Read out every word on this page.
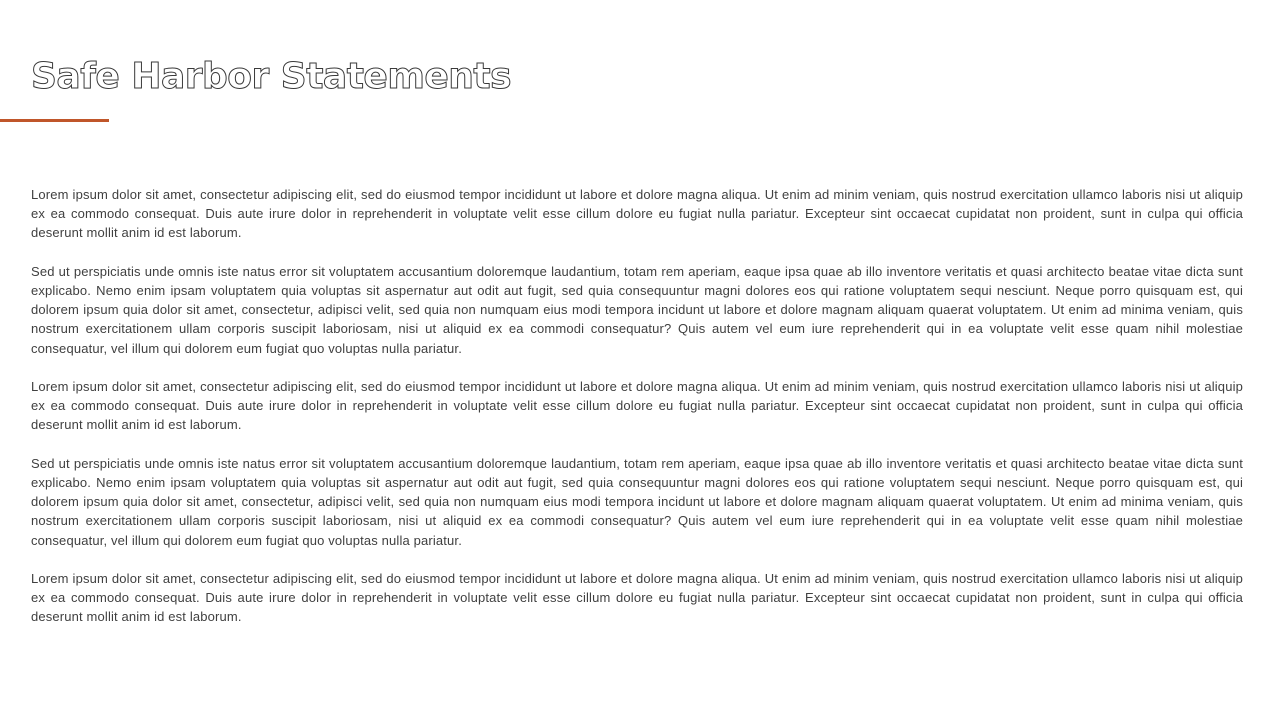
Safe Harbor Statements

Lorem ipsum dolor sit amet, consectetur adipiscing elit, sed do eiusmod tempor incididunt ut labore et dolore magna aliqua. Ut enim ad minim veniam, quis nostrud exercitation ullamco laboris nisi ut aliquip ex ea commodo consequat. Duis aute irure dolor in reprehenderit in voluptate velit esse cillum dolore eu fugiat nulla pariatur. Excepteur sint occaecat cupidatat non proident, sunt in culpa qui officia deserunt mollit anim id est laborum.

Sed ut perspiciatis unde omnis iste natus error sit voluptatem accusantium doloremque laudantium, totam rem aperiam, eaque ipsa quae ab illo inventore veritatis et quasi architecto beatae vitae dicta sunt explicabo. Nemo enim ipsam voluptatem quia voluptas sit aspernatur aut odit aut fugit, sed quia consequuntur magni dolores eos qui ratione voluptatem sequi nesciunt. Neque porro quisquam est, qui dolorem ipsum quia dolor sit amet, consectetur, adipisci velit, sed quia non numquam eius modi tempora incidunt ut labore et dolore magnam aliquam quaerat voluptatem. Ut enim ad minima veniam, quis nostrum exercitationem ullam corporis suscipit laboriosam, nisi ut aliquid ex ea commodi consequatur? Quis autem vel eum iure reprehenderit qui in ea voluptate velit esse quam nihil molestiae consequatur, vel illum qui dolorem eum fugiat quo voluptas nulla pariatur.

Lorem ipsum dolor sit amet, consectetur adipiscing elit, sed do eiusmod tempor incididunt ut labore et dolore magna aliqua. Ut enim ad minim veniam, quis nostrud exercitation ullamco laboris nisi ut aliquip ex ea commodo consequat. Duis aute irure dolor in reprehenderit in voluptate velit esse cillum dolore eu fugiat nulla pariatur. Excepteur sint occaecat cupidatat non proident, sunt in culpa qui officia deserunt mollit anim id est laborum.

Sed ut perspiciatis unde omnis iste natus error sit voluptatem accusantium doloremque laudantium, totam rem aperiam, eaque ipsa quae ab illo inventore veritatis et quasi architecto beatae vitae dicta sunt explicabo. Nemo enim ipsam voluptatem quia voluptas sit aspernatur aut odit aut fugit, sed quia consequuntur magni dolores eos qui ratione voluptatem sequi nesciunt. Neque porro quisquam est, qui dolorem ipsum quia dolor sit amet, consectetur, adipisci velit, sed quia non numquam eius modi tempora incidunt ut labore et dolore magnam aliquam quaerat voluptatem. Ut enim ad minima veniam, quis nostrum exercitationem ullam corporis suscipit laboriosam, nisi ut aliquid ex ea commodi consequatur? Quis autem vel eum iure reprehenderit qui in ea voluptate velit esse quam nihil molestiae consequatur, vel illum qui dolorem eum fugiat quo voluptas nulla pariatur.

Lorem ipsum dolor sit amet, consectetur adipiscing elit, sed do eiusmod tempor incididunt ut labore et dolore magna aliqua. Ut enim ad minim veniam, quis nostrud exercitation ullamco laboris nisi ut aliquip ex ea commodo consequat. Duis aute irure dolor in reprehenderit in voluptate velit esse cillum dolore eu fugiat nulla pariatur. Excepteur sint occaecat cupidatat non proident, sunt in culpa qui officia deserunt mollit anim id est laborum.
